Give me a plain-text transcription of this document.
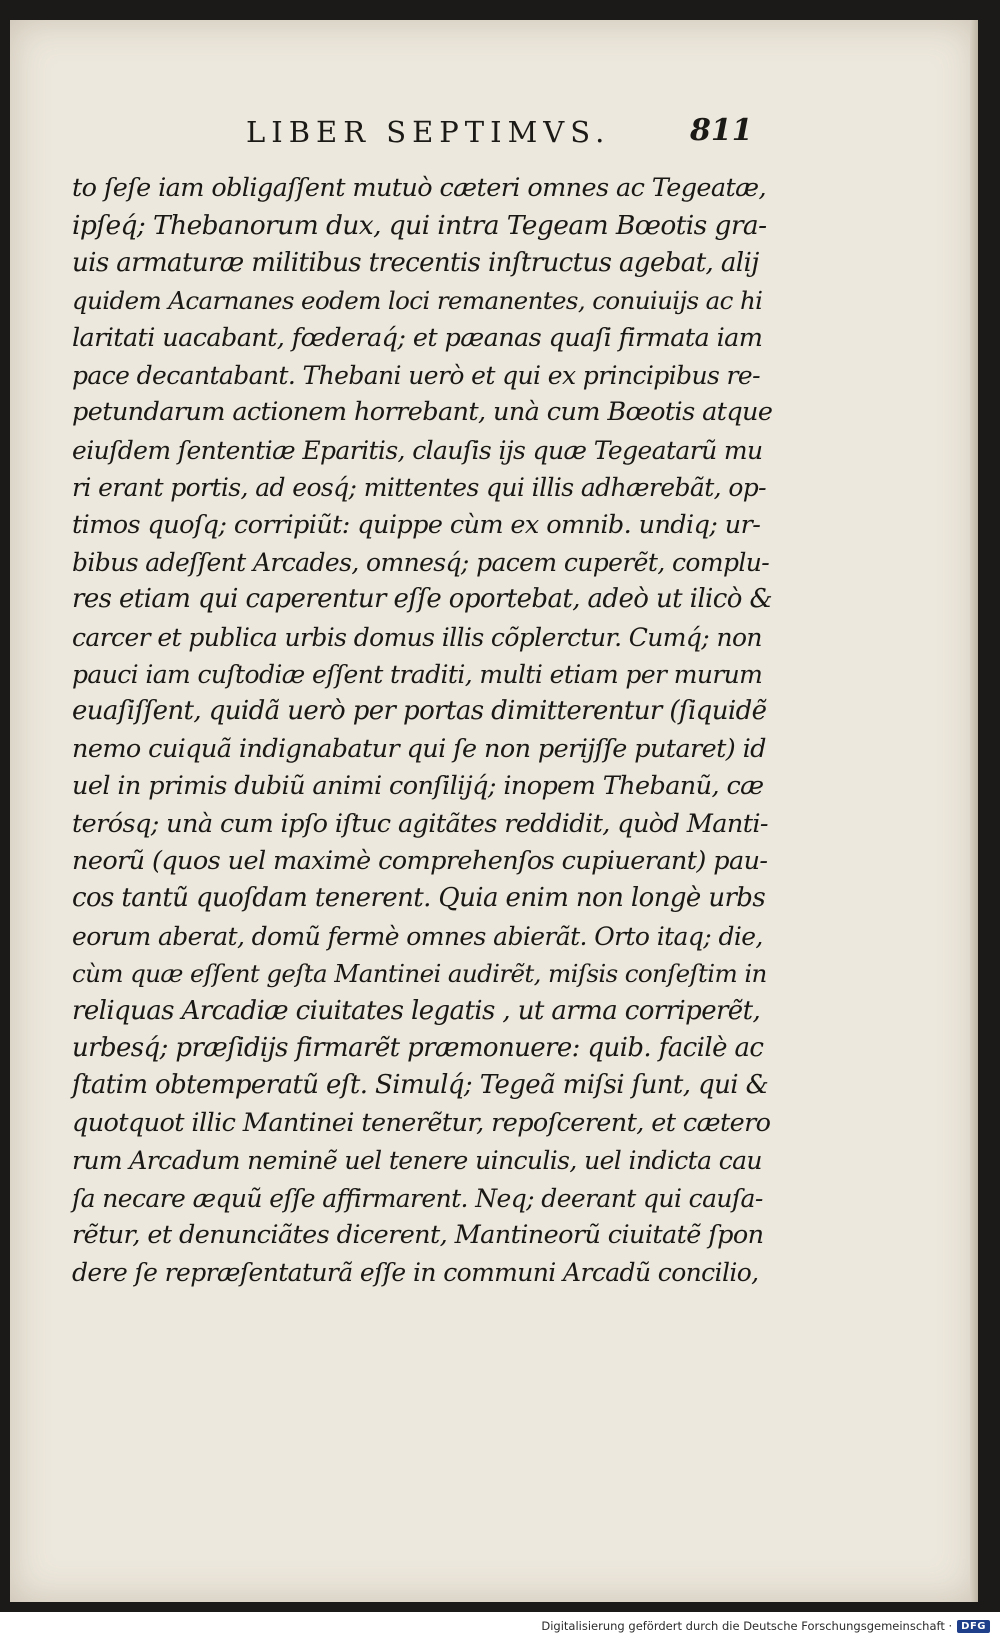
LIBER SEPTIMVS.	811
to ſeſe iam obligaſſent mutuò cæteri omnes ac Tegeatæ,
ipſeq́; Thebanorum dux, qui intra Tegeam Bœotis gra-
uis armaturæ militibus trecentis inſtructus agebat, alij
quidem Acarnanes eodem loci remanentes, conuiuijs ac hi
laritati uacabant, fœderaq́; et pæanas quaſi firmata iam
pace decantabant. Thebani uerò et qui ex principibus re-
petundarum actionem horrebant, unà cum Bœotis atque
eiuſdem ſententiæ Eparitis, clauſis ijs quæ Tegeatarũ mu
ri erant portis, ad eosq́; mittentes qui illis adhærebãt, op-
timos quoſq; corripiũt: quippe cùm ex omnib. undiq; ur-
bibus adeſſent Arcades, omnesq́; pacem cuperẽt, complu-
res etiam qui caperentur eſſe oportebat, adeò ut ilicò &
carcer et publica urbis domus illis cõplerctur. Cumq́; non
pauci iam cuſtodiæ eſſent traditi, multi etiam per murum
euaſiſſent, quidã uerò per portas dimitterentur (ſiquidẽ
nemo cuiquã indignabatur qui ſe non perijſſe putaret) id
uel in primis dubiũ animi conſilijq́; inopem Thebanũ, cæ
terósq; unà cum ipſo iſtuc agitãtes reddidit, quòd Manti-
neorũ (quos uel maximè comprehenſos cupiuerant) pau-
cos tantũ quoſdam tenerent. Quia enim non longè urbs
eorum aberat, domũ fermè omnes abierãt. Orto itaq; die,
cùm quæ eſſent geſta Mantinei audirẽt, miſsis conſeſtim in
reliquas Arcadiæ ciuitates legatis , ut arma corriperẽt,
urbesq́; præſidijs firmarẽt præmonuere: quib. facilè ac
ſtatim obtemperatũ eſt. Simulq́; Tegeã miſsi ſunt, qui &
quotquot illic Mantinei tenerẽtur, repoſcerent, et cætero
rum Arcadum neminẽ uel tenere uinculis, uel indicta cau
ſa necare æquũ eſſe affirmarent. Neq; deerant qui cauſa-
rẽtur, et denunciãtes dicerent, Mantineorũ ciuitatẽ ſpon
dere ſe repræſentaturã eſſe in communi Arcadũ concilio,
Digitalisierung gefördert durch die Deutsche Forschungsgemeinschaft · DFG
